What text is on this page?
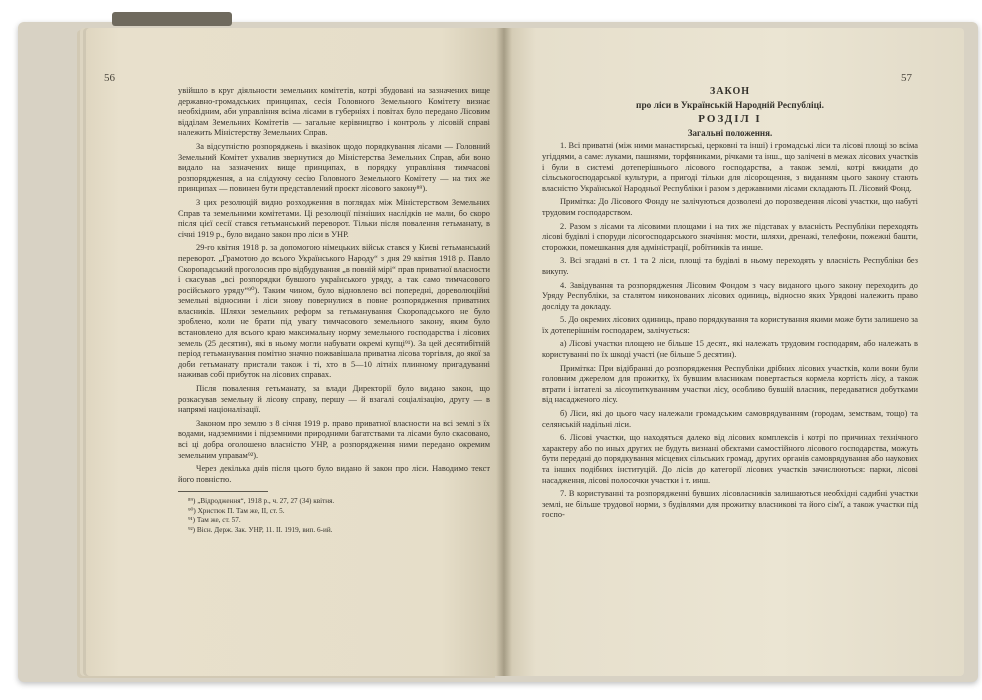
56

увійшло в круг діяльности земельних комітетів, котрі збудовані на зазначених вище державно-громадських принципах, сесія Головного Земельного Комітету визнає необхідним, аби управління всіма лісами в губерніях і повітах було передано Лісовим відділам Земельних Комітетів — загальне керівництво і контроль у лісовій справі належить Міністерству Земельних Справ.

За відсутністю розпоряджень і вказівок щодо порядкування лісами — Головний Земельний Комітет ухвалив звернутися до Міністерства Земельних Справ, аби воно видало на зазначених вище принципах, в порядку управління тимчасові розпорядження, а на слідуючу сесію Головного Земельного Комітету — на тих же принципах — повинен бути представлений проєкт лісового закону⁸⁹).

З цих резолюцій видно розходження в поглядах між Міністерством Земельних Справ та земельними комітетами. Ці резолюції пізніших наслідків не мали, бо скоро після цієї сесії стався гетьманський переворот. Тільки після повалення гетьманату, в січні 1919 р., було видано закон про ліси в УНР.

29-го квітня 1918 р. за допомогою німецьких військ стався у Києві гетьманський переворот. „Грамотою до всього Українського Народу“ з дня 29 квітня 1918 р. Павло Скоропадський проголосив про відбудування „в повній мірі“ прав приватної власности і скасував „всі розпорядки бувшого українського уряду, а так само тимчасового російського уряду“⁹⁰). Таким чином, було відновлено всі попередні, дореволюційні земельні відносини і ліси знову повернулися в повне розпорядження приватних власників. Шляхи земельних реформ за гетьманування Скоропадського не було зроблено, коли не брати під увагу тимчасового земельного закону, яким було встановлено для всього краю максимальну норму земельного господарства і лісових земель (25 десятин), які в ньому могли набувати окремі купці⁹¹). За цей десятибітній період гетьманування помітно значно пожвавішала приватна лісова торгівля, до якої за доби гетьманату пристали також і ті, хто в 5—10 літніх плинному пригадуванні наживав собі прибуток на лісових справах.

Після повалення гетьманату, за влади Директорії було видано закон, що розкасував земельну й лісову справу, першу — й взагалі соціалізацію, другу — в напрямі націоналізації.

Законом про землю з 8 січня 1919 р. право приватної власности на всі землі з їх водами, надземними і підземними природними багатствами та лісами було скасовано, всі ці добра оголошено власністю УНР, а розпорядження ними передано окремим земельним управам⁹²).

Через декілька днів після цього було видано й закон про ліси. Наводимо текст його повністю.

⁸⁹) „Відродження“, 1918 р., ч. 27, 27 (34) квітня.

⁹⁰) Христюк П. Там же, ІІ, ст. 5.

⁹¹) Там же, ст. 57.

⁹²) Вісн. Держ. Зак. УНР, 11. II. 1919, вип. 6-ий.

57
ЗАКОН
про ліси в Українській Народній Республіці.
РОЗДІЛ І
Загальні положення.

1. Всі приватні (між ними манастирські, церковні та інші) і громадські ліси та лісові площі зо всіма угіддями, а саме: луками, пашнями, торфяниками, річками та інш., що залічені в межах лісових участків і були в системі дотеперішнього лісового господарства, а також землі, котрі вжидати до сільськогосподарської культури, а пригоді тільки для лісорощення, з виданням цього закону стають власністю Української Народньої Республіки і разом з державними лісами складають П. Лісовий Фонд.

Примітка: До Лісового Фонду не залічуються дозволені до порозведення лісові участки, що набуті трудовим господарством.

2. Разом з лісами та лісовими площами і на тих же підставах у власність Республіки переходять лісові будівлі і споруди лісогосподарського значіння: мости, шляхи, дренажі, телефони, пожежні башти, сторожки, помешкання для адміністрації, робітників та инше.

3. Всі згадані в ст. 1 та 2 ліси, площі та будівлі в ньому переходять у власність Республіки без викупу.

4. Завідування та розпорядження Лісовим Фондом з часу виданого цього закону переходить до Уряду Республіки, за сталятом никонованих лісових одиниць, відносно яких Урядові належить право досліду та докладу.

5. До окремих лісових одиниць, право порядкування та користування якими може бути залишено за їх дотеперішнім господарем, залічується:

а) Лісові участки площею не більше 15 десят., які належать трудовим господарям, або належать в користуванні по їх шкоді участі (не більше 5 десятин).

Примітка: При відібранні до розпорядження Республіки дрібних лісових участків, коли вони були головним джерелом для прожитку, їх бувшим власникам повертається кормела кортість лісу, а також втрати і інтателі за лісоупиткуванням участки лісу, особливо бувшій власник, передаватися добутками від насадженого лісу.

б) Ліси, які до цього часу належали громадським самоврядуванням (городам, земствам, тощо) та селянській надільні ліси.

6. Лісові участки, що находяться далеко від лісових комплексів і котрі по причинах технічного характеру або по иных других не будуть визнані обєктами самостійного лісового господарства, можуть бути передані до порядкування місцевих сільських громад, других органів самоврядування або наукових та інших подібних інституцій. До лісів до категорії лісових участків зачислюються: парки, лісові насадження, лісові полосочки участки і т. инш.

7. В користуванні та розпорядженні бувших лісовласників залишаються необхідні садибні участки землі, не більше трудової норми, з будівлями для прожитку власникові та його сім'ї, а також участки під госпо-
